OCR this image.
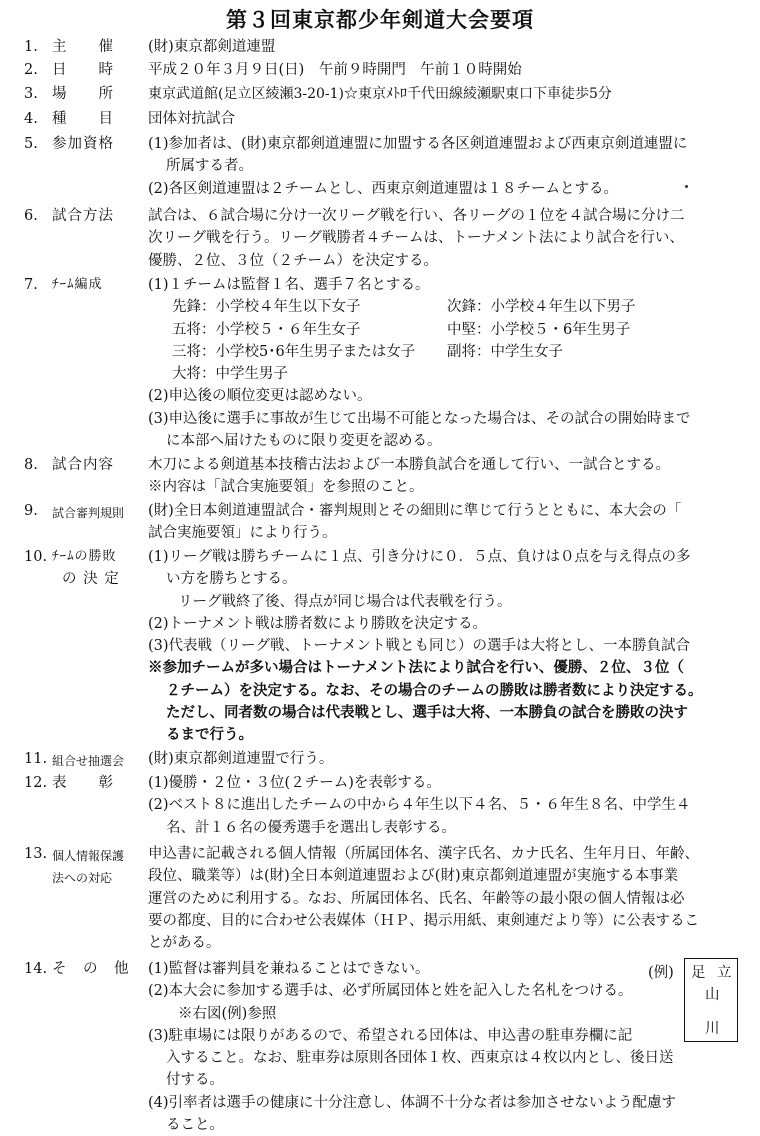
第３回東京都少年剣道大会要項
1. 主　　催	(財)東京都剣道連盟
2. 日　　時	平成２０年３月９日(日)　午前９時開門　午前１０時開始
3. 場　　所	東京武道館(足立区綾瀬3-20-1)☆東京ﾒﾄﾛ千代田線綾瀬駅東口下車徒歩5分
4. 種　　目	団体対抗試合
5. 参加資格	(1)参加者は、(財)東京都剣道連盟に加盟する各区剣道連盟および西東京剣道連盟に
所属する者。
(2)各区剣道連盟は２チームとし、西東京剣道連盟は１８チームとする。
6. 試合方法	試合は、６試合場に分け一次リーグ戦を行い、各リーグの１位を４試合場に分け二
次リーグ戦を行う。リーグ戦勝者４チームは、トーナメント法により試合を行い、
優勝、２位、３位（２チーム）を決定する。
7. ﾁｰﾑ編成	(1)１チームは監督１名、選手７名とする。
先鋒：小学校４年生以下女子	次鋒：小学校４年生以下男子
五将：小学校５・６年生女子	中堅：小学校５・6年生男子
三将：小学校5･6年生男子または女子	副将：中学生女子
大将：中学生男子
(2)申込後の順位変更は認めない。
(3)申込後に選手に事故が生じて出場不可能となった場合は、その試合の開始時まで
に本部へ届けたものに限り変更を認める。
8. 試合内容	木刀による剣道基本技稽古法および一本勝負試合を通して行い、一試合とする。
※内容は「試合実施要領」を参照のこと。
9. 試合審判規則	(財)全日本剣道連盟試合・審判規則とその細則に準じて行うとともに、本大会の「
試合実施要領」により行う。
10. ﾁｰﾑの勝敗
の 決 定
(1)リーグ戦は勝ちチームに１点、引き分けに０．５点、負けは０点を与え得点の多
い方を勝ちとする。
リーグ戦終了後、得点が同じ場合は代表戦を行う。
(2)トーナメント戦は勝者数により勝敗を決定する。
(3)代表戦（リーグ戦、トーナメント戦とも同じ）の選手は大将とし、一本勝負試合
※参加チームが多い場合はトーナメント法により試合を行い、優勝、２位、３位（
２チーム）を決定する。なお、その場合のチームの勝敗は勝者数により決定する。
ただし、同者数の場合は代表戦とし、選手は大将、一本勝負の試合を勝敗の決す
るまで行う。
11. 組合せ抽選会	(財)東京都剣道連盟で行う。
12. 表　　彰	(1)優勝・２位・３位(２チーム)を表彰する。
(2)ベスト８に進出したチームの中から４年生以下４名、５・６年生８名、中学生４
名、計１６名の優秀選手を選出し表彰する。
13. 個人情報保護
法への対応
申込書に記載される個人情報（所属団体名、漢字氏名、カナ氏名、生年月日、年齢、
段位、職業等）は(財)全日本剣道連盟および(財)東京都剣道連盟が実施する本事業
運営のために利用する。なお、所属団体名、氏名、年齢等の最小限の個人情報は必
要の都度、目的に合わせ公表媒体（ＨＰ、掲示用紙、東剣連だより等）に公表するこ
とがある。
14. そ　の　他	(1)監督は審判員を兼ねることはできない。
(2)本大会に参加する選手は、必ず所属団体と姓を記入した名札をつける。
※右図(例)参照
(3)駐車場には限りがあるので、希望される団体は、申込書の駐車券欄に記
入すること。なお、駐車券は原則各団体１枚、西東京は４枚以内とし、後日送
付する。
(4)引率者は選手の健康に十分注意し、体調不十分な者は参加させないよう配慮す
ること。
(例) 足 立
山
川
